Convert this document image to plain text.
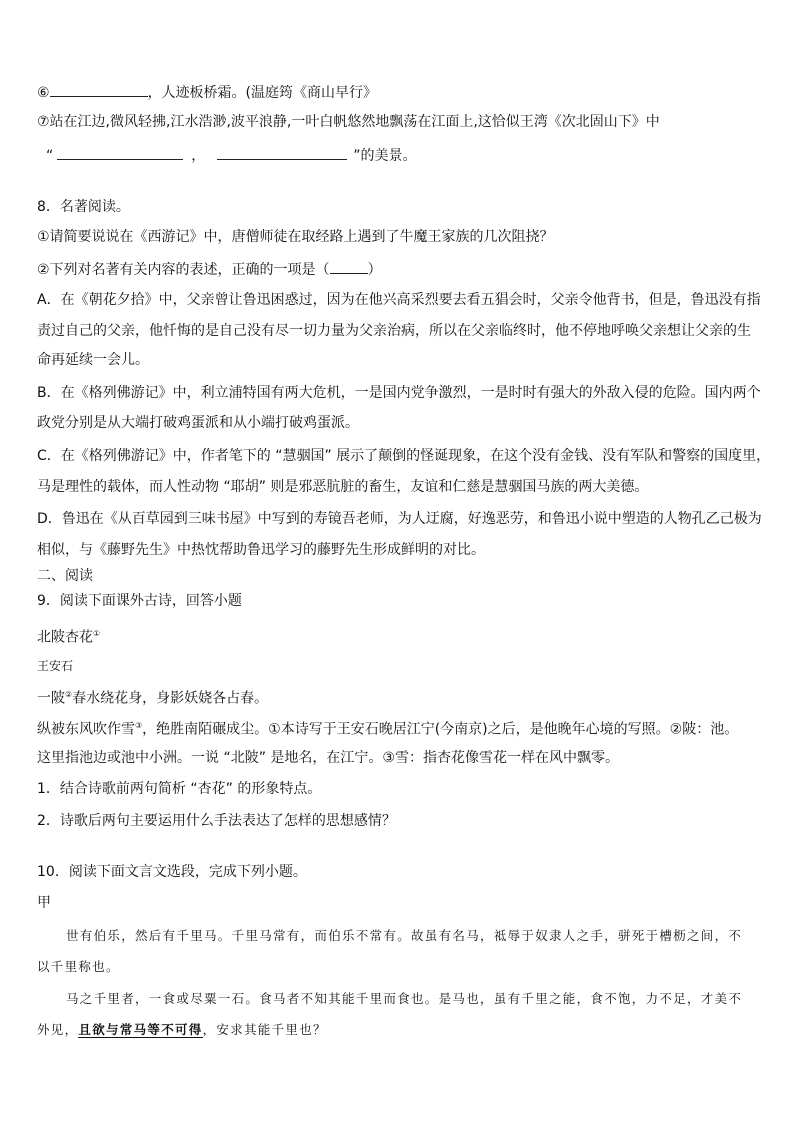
⑥	，人迹板桥霜。(温庭筠《商山早行》
⑦站在江边,微风轻拂,江水浩渺,波平浪静,一叶白帆悠然地飘荡在江面上,这恰似王湾《次北固山下》中
“	，	”的美景。
8．名著阅读。
①请简要说说在《西游记》中，唐僧师徒在取经路上遇到了牛魔王家族的几次阻挠？
②下列对名著有关内容的表述，正确的一项是（	）
A．在《朝花夕拾》中，父亲曾让鲁迅困惑过，因为在他兴高采烈要去看五猖会时，父亲令他背书，但是，鲁迅没有指
责过自己的父亲，他忏悔的是自己没有尽一切力量为父亲治病，所以在父亲临终时，他不停地呼唤父亲想让父亲的生
命再延续一会儿。
B．在《格列佛游记》中，利立浦特国有两大危机，一是国内党争激烈，一是时时有强大的外敌入侵的危险。国内两个
政党分别是从大端打破鸡蛋派和从小端打破鸡蛋派。
C．在《格列佛游记》中，作者笔下的 “慧骃国” 展示了颠倒的怪诞现象，在这个没有金钱、没有军队和警察的国度里，
马是理性的载体，而人性动物 “耶胡” 则是邪恶肮脏的畜生，友谊和仁慈是慧骃国马族的两大美德。
D．鲁迅在《从百草园到三味书屋》中写到的寿镜吾老师，为人迂腐，好逸恶劳，和鲁迅小说中塑造的人物孔乙己极为
相似，与《藤野先生》中热忱帮助鲁迅学习的藤野先生形成鲜明的对比。
二、阅读
9．阅读下面课外古诗，回答小题
北陂杏花①
王安石
一陂②春水绕花身，身影妖娆各占春。
纵被东风吹作雪③，绝胜南陌碾成尘。①本诗写于王安石晚居江宁(今南京)之后，是他晚年心境的写照。②陂：池。
这里指池边或池中小洲。一说 “北陂” 是地名，在江宁。③雪：指杏花像雪花一样在风中飘零。
1．结合诗歌前两句简析 “杏花” 的形象特点。
2．诗歌后两句主要运用什么手法表达了怎样的思想感情？
10．阅读下面文言文选段，完成下列小题。
甲
世有伯乐，然后有千里马。千里马常有，而伯乐不常有。故虽有名马，祗辱于奴隶人之手，骈死于槽枥之间，不
以千里称也。
马之千里者，一食或尽粟一石。食马者不知其能千里而食也。是马也，虽有千里之能，食不饱，力不足，才美不
外见，且欲与常马等不可得，安求其能千里也？
